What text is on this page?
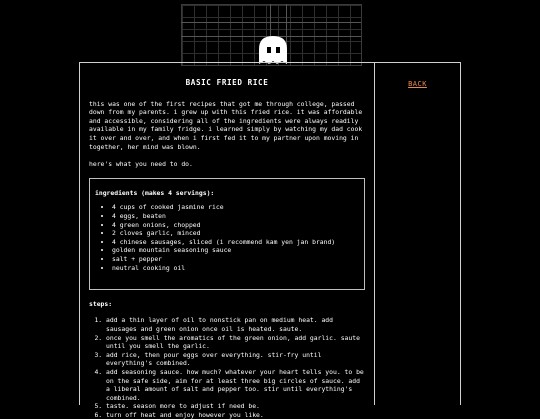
BASIC FRIED RICE

this was one of the first recipes that got me through college, passed down from my parents. i grew up with this fried rice. it was affordable and accessible, considering all of the ingredients were always readily available in my family fridge. i learned simply by watching my dad cook it over and over, and when i first fed it to my partner upon moving in together, her mind was blown.

here's what you need to do.

ingredients (makes 4 servings):
• 4 cups of cooked jasmine rice
• 4 eggs, beaten
• 4 green onions, chopped
• 2 cloves garlic, minced
• 4 chinese sausages, sliced (i recommend kam yen jan brand)
• golden mountain seasoning sauce
• salt + pepper
• neutral cooking oil
steps:
1. add a thin layer of oil to nonstick pan on medium heat. add sausages and green onion once oil is heated. saute.
2. once you smell the aromatics of the green onion, add garlic. saute until you smell the garlic.
3. add rice, then pour eggs over everything. stir-fry until everything's combined.
4. add seasoning sauce. how much? whatever your heart tells you. to be on the safe side, aim for at least three big circles of sauce. add a liberal amount of salt and pepper too. stir until everything's combined.
5. taste. season more to adjust if need be.
6. turn off heat and enjoy however you like.
BACK
